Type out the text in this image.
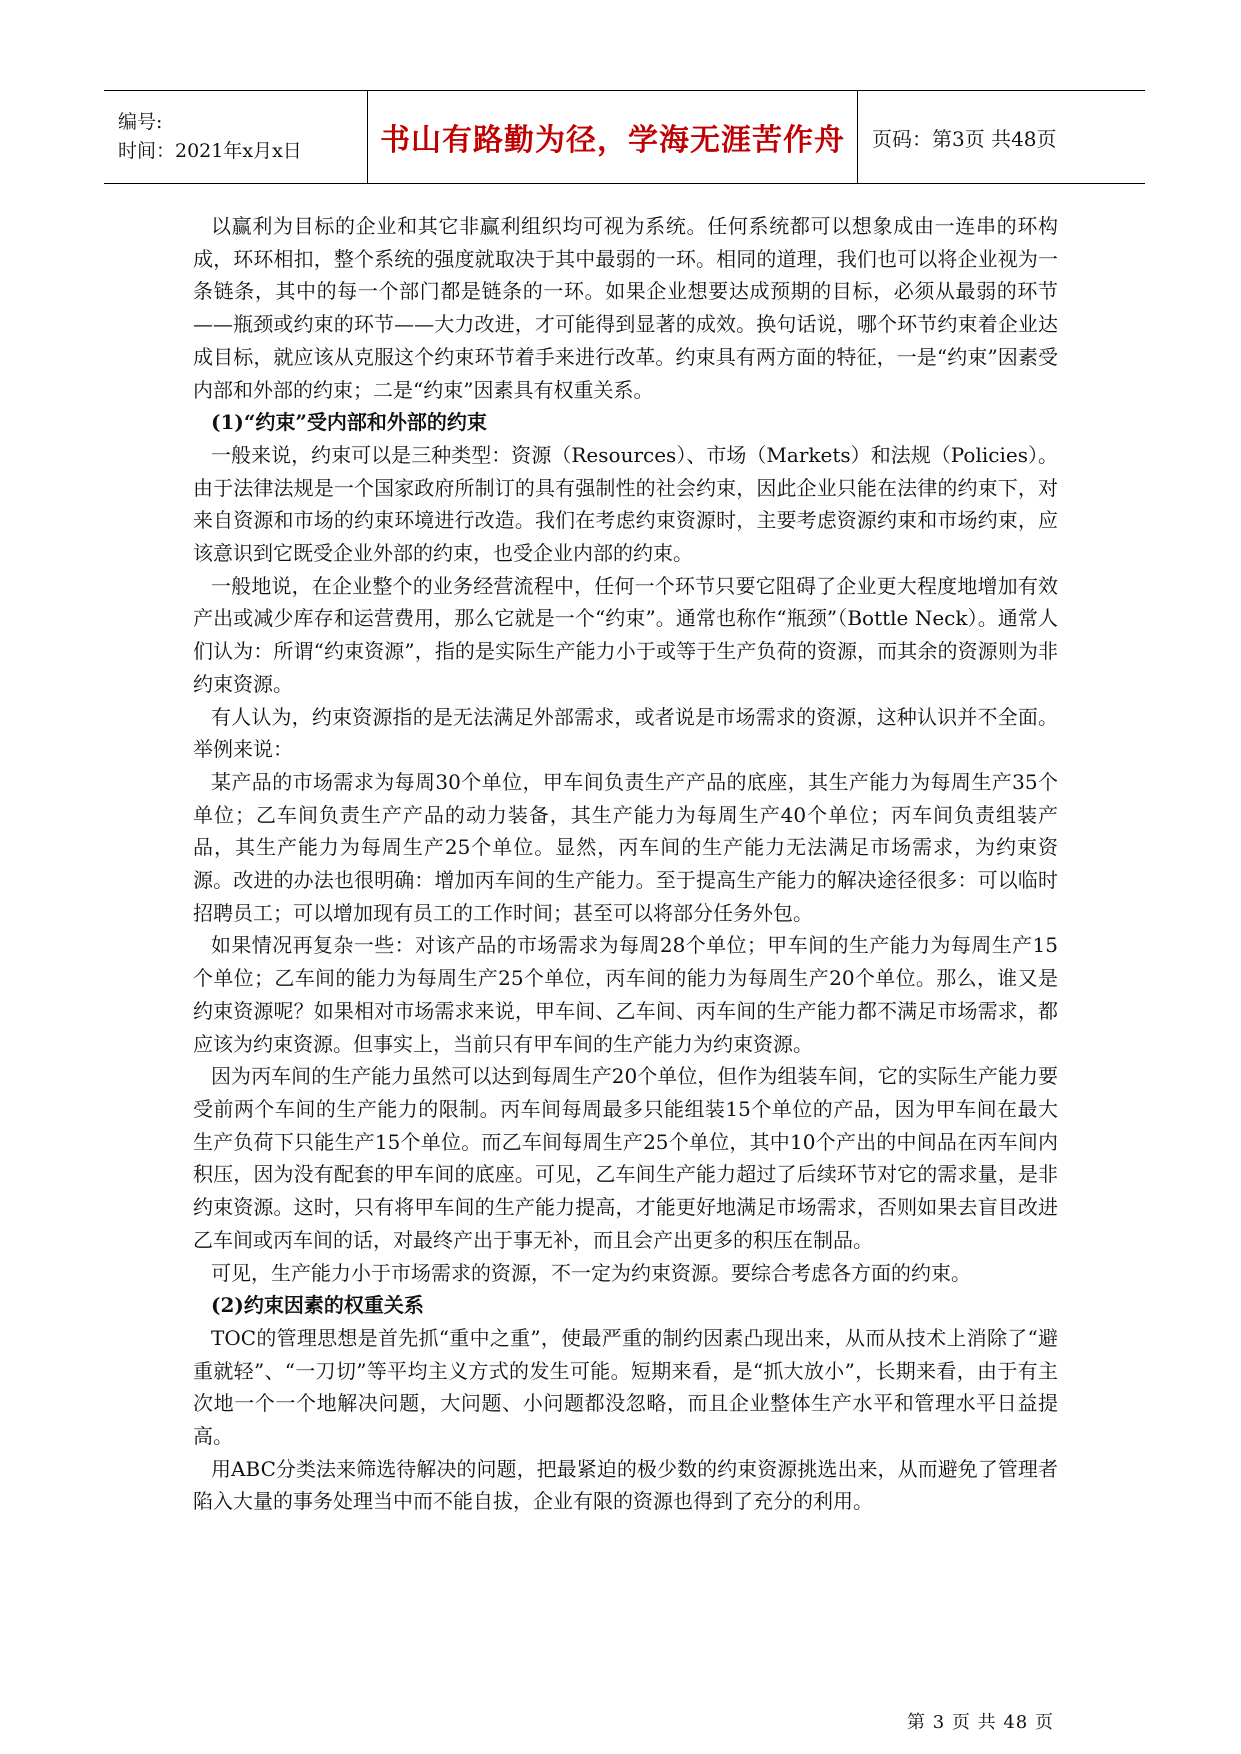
编号:
时间：2021年x月x日	书山有路勤为径，学海无涯苦作舟 页码：第3页 共48页

以赢利为目标的企业和其它非赢利组织均可视为系统。任何系统都可以想象成由一连串的环构成，环环相扣，整个系统的强度就取决于其中最弱的一环。相同的道理，我们也可以将企业视为一条链条，其中的每一个部门都是链条的一环。如果企业想要达成预期的目标，必须从最弱的环节——瓶颈或约束的环节——大力改进，才可能得到显著的成效。换句话说，哪个环节约束着企业达成目标，就应该从克服这个约束环节着手来进行改革。约束具有两方面的特征，一是“约束”因素受内部和外部的约束；二是“约束”因素具有权重关系。

(1)“约束”受内部和外部的约束

一般来说，约束可以是三种类型：资源（Resources）、市场（Markets）和法规（Policies）。由于法律法规是一个国家政府所制订的具有强制性的社会约束，因此企业只能在法律的约束下，对来自资源和市场的约束环境进行改造。我们在考虑约束资源时，主要考虑资源约束和市场约束，应该意识到它既受企业外部的约束，也受企业内部的约束。

一般地说，在企业整个的业务经营流程中，任何一个环节只要它阻碍了企业更大程度地增加有效产出或减少库存和运营费用，那么它就是一个“约束”。通常也称作“瓶颈”（Bottle Neck）。通常人们认为：所谓“约束资源”，指的是实际生产能力小于或等于生产负荷的资源，而其余的资源则为非约束资源。

有人认为，约束资源指的是无法满足外部需求，或者说是市场需求的资源，这种认识并不全面。举例来说：

某产品的市场需求为每周30个单位，甲车间负责生产产品的底座，其生产能力为每周生产35个单位；乙车间负责生产产品的动力装备，其生产能力为每周生产40个单位；丙车间负责组装产品，其生产能力为每周生产25个单位。显然，丙车间的生产能力无法满足市场需求，为约束资源。改进的办法也很明确：增加丙车间的生产能力。至于提高生产能力的解决途径很多：可以临时招聘员工；可以增加现有员工的工作时间；甚至可以将部分任务外包。

如果情况再复杂一些：对该产品的市场需求为每周28个单位；甲车间的生产能力为每周生产15个单位；乙车间的能力为每周生产25个单位，丙车间的能力为每周生产20个单位。那么，谁又是约束资源呢？如果相对市场需求来说，甲车间、乙车间、丙车间的生产能力都不满足市场需求，都应该为约束资源。但事实上，当前只有甲车间的生产能力为约束资源。

因为丙车间的生产能力虽然可以达到每周生产20个单位，但作为组装车间，它的实际生产能力要受前两个车间的生产能力的限制。丙车间每周最多只能组装15个单位的产品，因为甲车间在最大生产负荷下只能生产15个单位。而乙车间每周生产25个单位，其中10个产出的中间品在丙车间内积压，因为没有配套的甲车间的底座。可见，乙车间生产能力超过了后续环节对它的需求量，是非约束资源。这时，只有将甲车间的生产能力提高，才能更好地满足市场需求，否则如果去盲目改进乙车间或丙车间的话，对最终产出于事无补，而且会产出更多的积压在制品。

可见，生产能力小于市场需求的资源，不一定为约束资源。要综合考虑各方面的约束。

(2)约束因素的权重关系

TOC的管理思想是首先抓“重中之重”，使最严重的制约因素凸现出来，从而从技术上消除了“避重就轻”、“一刀切”等平均主义方式的发生可能。短期来看，是“抓大放小”，长期来看，由于有主次地一个一个地解决问题，大问题、小问题都没忽略，而且企业整体生产水平和管理水平日益提高。

用ABC分类法来筛选待解决的问题，把最紧迫的极少数的约束资源挑选出来，从而避免了管理者陷入大量的事务处理当中而不能自拔，企业有限的资源也得到了充分的利用。

第 3 页 共 48 页
